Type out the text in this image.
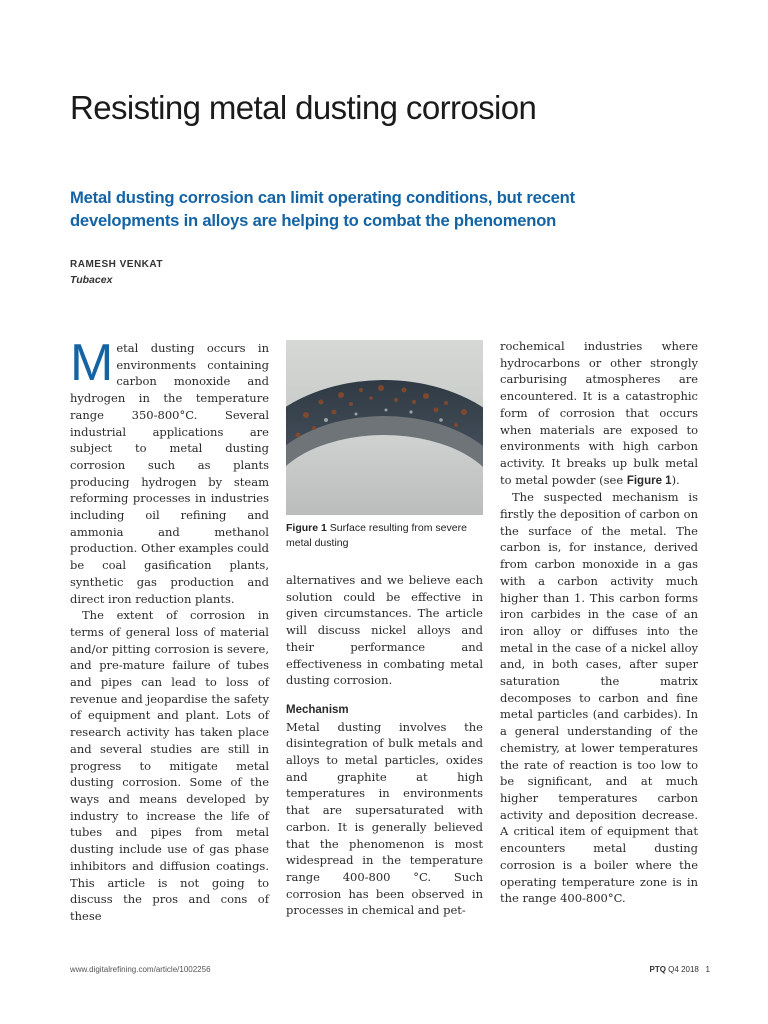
Resisting metal dusting corrosion

Metal dusting corrosion can limit operating conditions, but recent developments in alloys are helping to combat the phenomenon

RAMESH VENKAT
Tubacex

Metal dusting occurs in environments containing carbon monoxide and hydrogen in the temperature range 350-800°C. Several industrial applications are subject to metal dusting corrosion such as plants producing hydrogen by steam reforming processes in industries including oil refining and ammonia and methanol production. Other examples could be coal gasification plants, synthetic gas production and direct iron reduction plants.

The extent of corrosion in terms of general loss of material and/or pitting corrosion is severe, and pre-mature failure of tubes and pipes can lead to loss of revenue and jeopardise the safety of equipment and plant. Lots of research activity has taken place and several studies are still in progress to mitigate metal dusting corrosion. Some of the ways and means developed by industry to increase the life of tubes and pipes from metal dusting include use of gas phase inhibitors and diffusion coatings. This article is not going to discuss the pros and cons of these

Figure 1 Surface resulting from severe metal dusting

alternatives and we believe each solution could be effective in given circumstances. The article will discuss nickel alloys and their performance and effectiveness in combating metal dusting corrosion.

Mechanism

Metal dusting involves the disintegration of bulk metals and alloys to metal particles, oxides and graphite at high temperatures in environments that are supersaturated with carbon. It is generally believed that the phenomenon is most widespread in the temperature range 400-800 °C. Such corrosion has been observed in processes in chemical and pet-

rochemical industries where hydrocarbons or other strongly carburising atmospheres are encountered. It is a catastrophic form of corrosion that occurs when materials are exposed to environments with high carbon activity. It breaks up bulk metal to metal powder (see Figure 1).

The suspected mechanism is firstly the deposition of carbon on the surface of the metal. The carbon is, for instance, derived from carbon monoxide in a gas with a carbon activity much higher than 1. This carbon forms iron carbides in the case of an iron alloy or diffuses into the metal in the case of a nickel alloy and, in both cases, after super saturation the matrix decomposes to carbon and fine metal particles (and carbides). In a general understanding of the chemistry, at lower temperatures the rate of reaction is too low to be significant, and at much higher temperatures carbon activity and deposition decrease. A critical item of equipment that encounters metal dusting corrosion is a boiler where the operating temperature zone is in the range 400-800°C.

www.digitalrefining.com/article/1002256	PTQ Q4 2018 1
